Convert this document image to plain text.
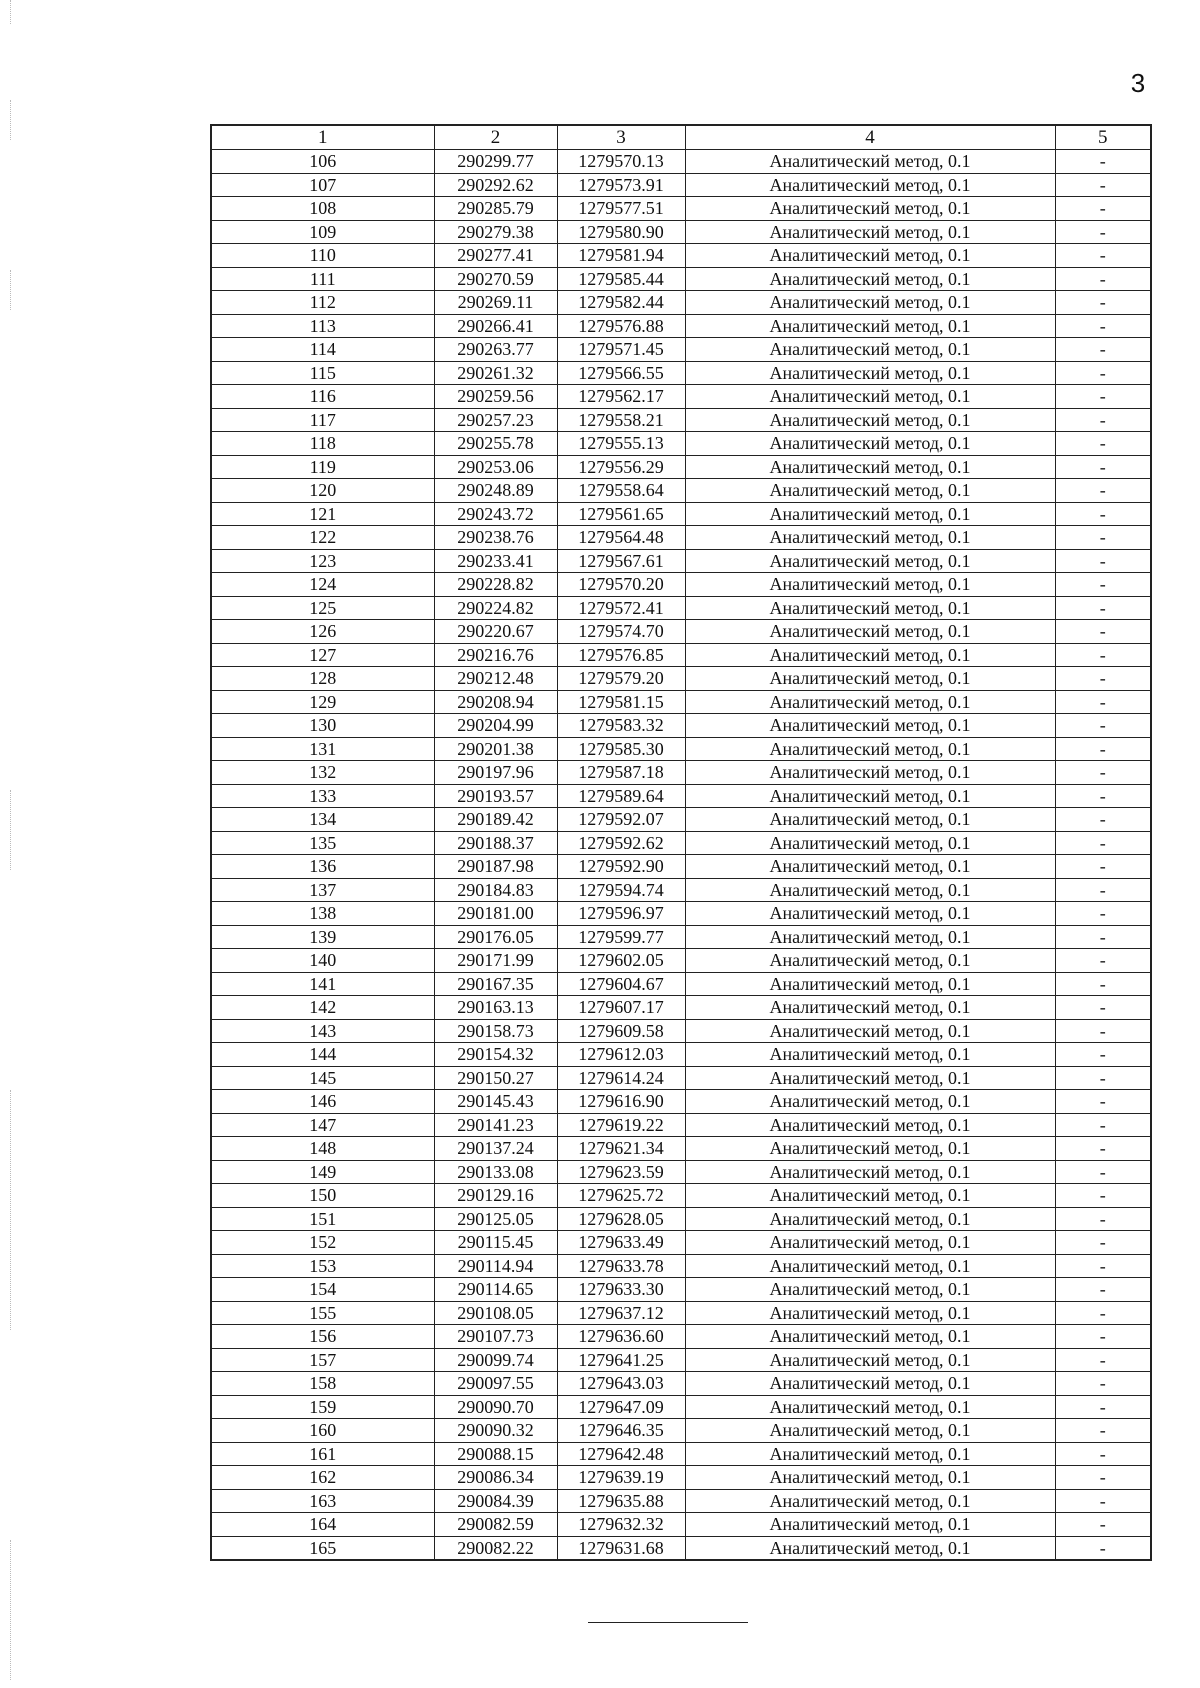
3
1	2	3	4	5
106	290299.77	1279570.13	Аналитический метод, 0.1	-
107	290292.62	1279573.91	Аналитический метод, 0.1	-
108	290285.79	1279577.51	Аналитический метод, 0.1	-
109	290279.38	1279580.90	Аналитический метод, 0.1	-
110	290277.41	1279581.94	Аналитический метод, 0.1	-
111	290270.59	1279585.44	Аналитический метод, 0.1	-
112	290269.11	1279582.44	Аналитический метод, 0.1	-
113	290266.41	1279576.88	Аналитический метод, 0.1	-
114	290263.77	1279571.45	Аналитический метод, 0.1	-
115	290261.32	1279566.55	Аналитический метод, 0.1	-
116	290259.56	1279562.17	Аналитический метод, 0.1	-
117	290257.23	1279558.21	Аналитический метод, 0.1	-
118	290255.78	1279555.13	Аналитический метод, 0.1	-
119	290253.06	1279556.29	Аналитический метод, 0.1	-
120	290248.89	1279558.64	Аналитический метод, 0.1	-
121	290243.72	1279561.65	Аналитический метод, 0.1	-
122	290238.76	1279564.48	Аналитический метод, 0.1	-
123	290233.41	1279567.61	Аналитический метод, 0.1	-
124	290228.82	1279570.20	Аналитический метод, 0.1	-
125	290224.82	1279572.41	Аналитический метод, 0.1	-
126	290220.67	1279574.70	Аналитический метод, 0.1	-
127	290216.76	1279576.85	Аналитический метод, 0.1	-
128	290212.48	1279579.20	Аналитический метод, 0.1	-
129	290208.94	1279581.15	Аналитический метод, 0.1	-
130	290204.99	1279583.32	Аналитический метод, 0.1	-
131	290201.38	1279585.30	Аналитический метод, 0.1	-
132	290197.96	1279587.18	Аналитический метод, 0.1	-
133	290193.57	1279589.64	Аналитический метод, 0.1	-
134	290189.42	1279592.07	Аналитический метод, 0.1	-
135	290188.37	1279592.62	Аналитический метод, 0.1	-
136	290187.98	1279592.90	Аналитический метод, 0.1	-
137	290184.83	1279594.74	Аналитический метод, 0.1	-
138	290181.00	1279596.97	Аналитический метод, 0.1	-
139	290176.05	1279599.77	Аналитический метод, 0.1	-
140	290171.99	1279602.05	Аналитический метод, 0.1	-
141	290167.35	1279604.67	Аналитический метод, 0.1	-
142	290163.13	1279607.17	Аналитический метод, 0.1	-
143	290158.73	1279609.58	Аналитический метод, 0.1	-
144	290154.32	1279612.03	Аналитический метод, 0.1	-
145	290150.27	1279614.24	Аналитический метод, 0.1	-
146	290145.43	1279616.90	Аналитический метод, 0.1	-
147	290141.23	1279619.22	Аналитический метод, 0.1	-
148	290137.24	1279621.34	Аналитический метод, 0.1	-
149	290133.08	1279623.59	Аналитический метод, 0.1	-
150	290129.16	1279625.72	Аналитический метод, 0.1	-
151	290125.05	1279628.05	Аналитический метод, 0.1	-
152	290115.45	1279633.49	Аналитический метод, 0.1	-
153	290114.94	1279633.78	Аналитический метод, 0.1	-
154	290114.65	1279633.30	Аналитический метод, 0.1	-
155	290108.05	1279637.12	Аналитический метод, 0.1	-
156	290107.73	1279636.60	Аналитический метод, 0.1	-
157	290099.74	1279641.25	Аналитический метод, 0.1	-
158	290097.55	1279643.03	Аналитический метод, 0.1	-
159	290090.70	1279647.09	Аналитический метод, 0.1	-
160	290090.32	1279646.35	Аналитический метод, 0.1	-
161	290088.15	1279642.48	Аналитический метод, 0.1	-
162	290086.34	1279639.19	Аналитический метод, 0.1	-
163	290084.39	1279635.88	Аналитический метод, 0.1	-
164	290082.59	1279632.32	Аналитический метод, 0.1	-
165	290082.22	1279631.68	Аналитический метод, 0.1	-
